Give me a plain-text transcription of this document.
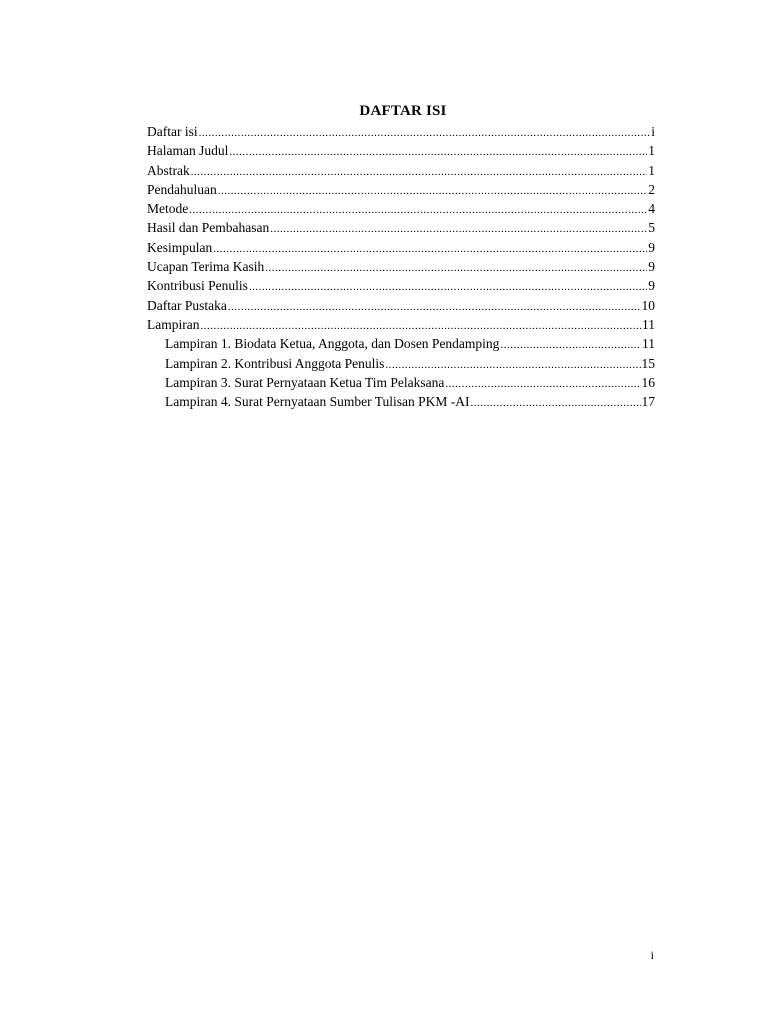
DAFTAR ISI
Daftar isi .....	i
Halaman Judul .....	1
Abstrak .....	1
Pendahuluan .....	2
Metode .....	4
Hasil dan Pembahasan .....	5
Kesimpulan .....	9
Ucapan Terima Kasih .....	9
Kontribusi Penulis .....	9
Daftar Pustaka .....	10
Lampiran .....	11
Lampiran 1. Biodata Ketua, Anggota, dan Dosen Pendamping .....	11
Lampiran 2. Kontribusi Anggota Penulis .....	15
Lampiran 3. Surat Pernyataan Ketua Tim Pelaksana .....	16
Lampiran 4. Surat Pernyataan Sumber Tulisan PKM -AI .....	17
i
